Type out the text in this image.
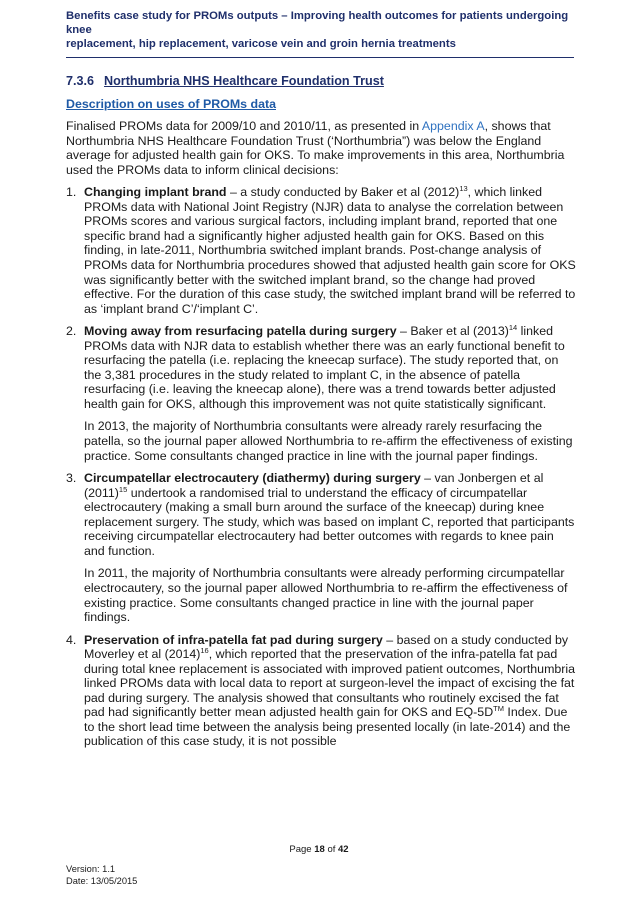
Benefits case study for PROMs outputs – Improving health outcomes for patients undergoing knee
replacement, hip replacement, varicose vein and groin hernia treatments
7.3.6 Northumbria NHS Healthcare Foundation Trust
Description on uses of PROMs data

Finalised PROMs data for 2009/10 and 2010/11, as presented in Appendix A, shows that Northumbria NHS Healthcare Foundation Trust (‘Northumbria”) was below the England average for adjusted health gain for OKS. To make improvements in this area, Northumbria used the PROMs data to inform clinical decisions:

1. Changing implant brand – a study conducted by Baker et al $(2012)^{13}$, which linked PROMs data with National Joint Registry (NJR) data to analyse the correlation between PROMs scores and various surgical factors, including implant brand, reported that one specific brand had a significantly higher adjusted health gain for OKS. Based on this finding, in late-2011, Northumbria switched implant brands. Post-change analysis of PROMs data for Northumbria procedures showed that adjusted health gain score for OKS was significantly better with the switched implant brand, so the change had proved effective. For the duration of this case study, the switched implant brand will be referred to as ‘implant brand C’/‘implant C’.

2. Moving away from resurfacing patella during surgery – Baker et al $(2013)^{14}$ linked PROMs data with NJR data to establish whether there was an early functional benefit to resurfacing the patella (i.e. replacing the kneecap surface). The study reported that, on the 3,381 procedures in the study related to implant C, in the absence of patella resurfacing (i.e. leaving the kneecap alone), there was a trend towards better adjusted health gain for OKS, although this improvement was not quite statistically significant.

In 2013, the majority of Northumbria consultants were already rarely resurfacing the patella, so the journal paper allowed Northumbria to re-affirm the effectiveness of existing practice. Some consultants changed practice in line with the journal paper findings.

3. Circumpatellar electrocautery (diathermy) during surgery – van Jonbergen et al $(2011)^{15}$ undertook a randomised trial to understand the efficacy of circumpatellar electrocautery (making a small burn around the surface of the kneecap) during knee replacement surgery. The study, which was based on implant C, reported that participants receiving circumpatellar electrocautery had better outcomes with regards to knee pain and function.

In 2011, the majority of Northumbria consultants were already performing circumpatellar electrocautery, so the journal paper allowed Northumbria to re-affirm the effectiveness of existing practice. Some consultants changed practice in line with the journal paper findings.

4. Preservation of infra-patella fat pad during surgery – based on a study conducted by Moverley et al $(2014)^{16}$, which reported that the preservation of the infra-patella fat pad during total knee replacement is associated with improved patient outcomes, Northumbria linked PROMs data with local data to report at surgeon-level the impact of excising the fat pad during surgery. The analysis showed that consultants who routinely excised the fat pad had significantly better mean adjusted health gain for OKS and EQ-5D™ Index. Due to the short lead time between the analysis being presented locally (in late-2014) and the publication of this case study, it is not possible

Page 18 of 42
Version: 1.1
Date: 13/05/2015
